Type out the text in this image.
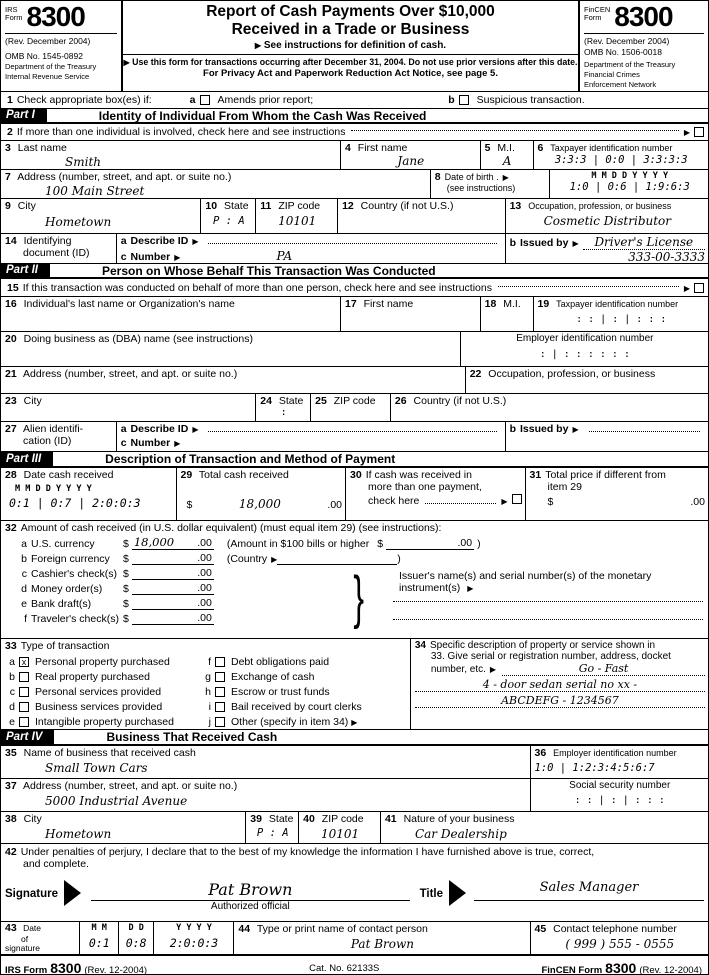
IRS
Form 8300
(Rev. December 2004)
OMB No. 1545-0892
Department of the Treasury
Internal Revenue Service
Report of Cash Payments Over $10,000
Received in a Trade or Business
▶ See instructions for definition of cash.
▶ Use this form for transactions occurring after December 31, 2004. Do not use prior versions after this date.
For Privacy Act and Paperwork Reduction Act Notice, see page 5.
FinCEN
Form 8300
(Rev. December 2004)
OMB No. 1506-0018
Department of the Treasury
Financial Crimes
Enforcement Network
1 Check appropriate box(es) if:	a	Amends prior report;	b	Suspicious transaction.
Part I	Identity of Individual From Whom the Cash Was Received
2 If more than one individual is involved, check here and see instructions
▶
3 Last name
Smith
4 First name
Jane
5 M.I.
A
6 Taxpayer identification number
3:3:3 | 0:0 | 3:3:3:3
7 Address (number, street, and apt. or suite no.)
100 Main Street
8 Date of birth .
▶
(see instructions)
M M D D Y Y Y Y
1:0 | 0:6 | 1:9:6:3
9 City
Hometown
10 State
P : A
11 ZIP code
10101
12 Country (if not U.S.)	13 Occupation, profession, or business
Cosmetic Distributor
14 Identifying
document (ID)
a Describe ID
▶
c Number ▶	PA
b Issued by ▶	Driver's License
333-00-3333
Part II	Person on Whose Behalf This Transaction Was Conducted
15 If this transaction was conducted on behalf of more than one person, check here and see instructions
▶
16 Individual's last name or Organization's name	17 First name	18 M.I.	19 Taxpayer identification number
: : | : | : : :
20 Doing business as (DBA) name (see instructions)	Employer identification number
: | : : : : : :
21 Address (number, street, and apt. or suite no.)	22 Occupation, profession, or business
23 City	24 State
:
25 ZIP code	26 Country (if not U.S.)
27 Alien identifi-
cation (ID)
a Describe ID
▶
c Number
▶
b Issued by
▶
Part III	Description of Transaction and Method of Payment
28 Date cash received
M M D D Y Y Y Y
0:1 | 0:7 | 2:0:0:3
29 Total cash received
$	18,000	.00
30 If cash was received in
more than one payment,
check here
▶
31 Total price if different from
item 29
$	.00
32 Amount of cash received (in U.S. dollar equivalent) (must equal item 29) (see instructions):
a U.S. currency	$ 18,000 .00 (Amount in $100 bills or higher $	.00 )
b Foreign currency	$	.00 (Country ▶	)
c Cashier's check(s) $	.00
d Money order(s)	$	.00
e Bank draft(s)	$	.00
f Traveler's check(s) $	.00 }	Issuer's name(s) and serial number(s) of the monetary instrument(s) ▶
33 Type of transaction
a x Personal property purchased
b	Real property purchased
c	Personal services provided
d	Business services provided
e	Intangible property purchased
f	Debt obligations paid
g	Exchange of cash
h	Escrow or trust funds
i	Bail received by court clerks
j	Other (specify in item 34)
▶
34 Specific description of property or service shown in
33. Give serial or registration number, address, docket
number, etc. ▶	Go - Fast
4 - door sedan serial no xx -
ABCDEFG - 1234567
Part IV	Business That Received Cash
35 Name of business that received cash
Small Town Cars
36 Employer identification number
1:0 | 1:2:3:4:5:6:7
37 Address (number, street, and apt. or suite no.)
5000 Industrial Avenue
Social security number
: : | : | : : :
38 City
Hometown
39 State
P : A
40 ZIP code
10101
41 Nature of your business
Car Dealership
42 Under penalties of perjury, I declare that to the best of my knowledge the information I have furnished above is true, correct,
and complete.
Signature	Pat Brown
Authorized official
Title	Sales Manager
43 Date
of
signature
M M
0:1
D D
0:8
Y Y Y Y
2:0:0:3
44 Type or print name of contact person
Pat Brown
45 Contact telephone number
( 999 ) 555 - 0555
IRS Form 8300 (Rev. 12-2004)	Cat. No. 62133S	FinCEN Form 8300 (Rev. 12-2004)
